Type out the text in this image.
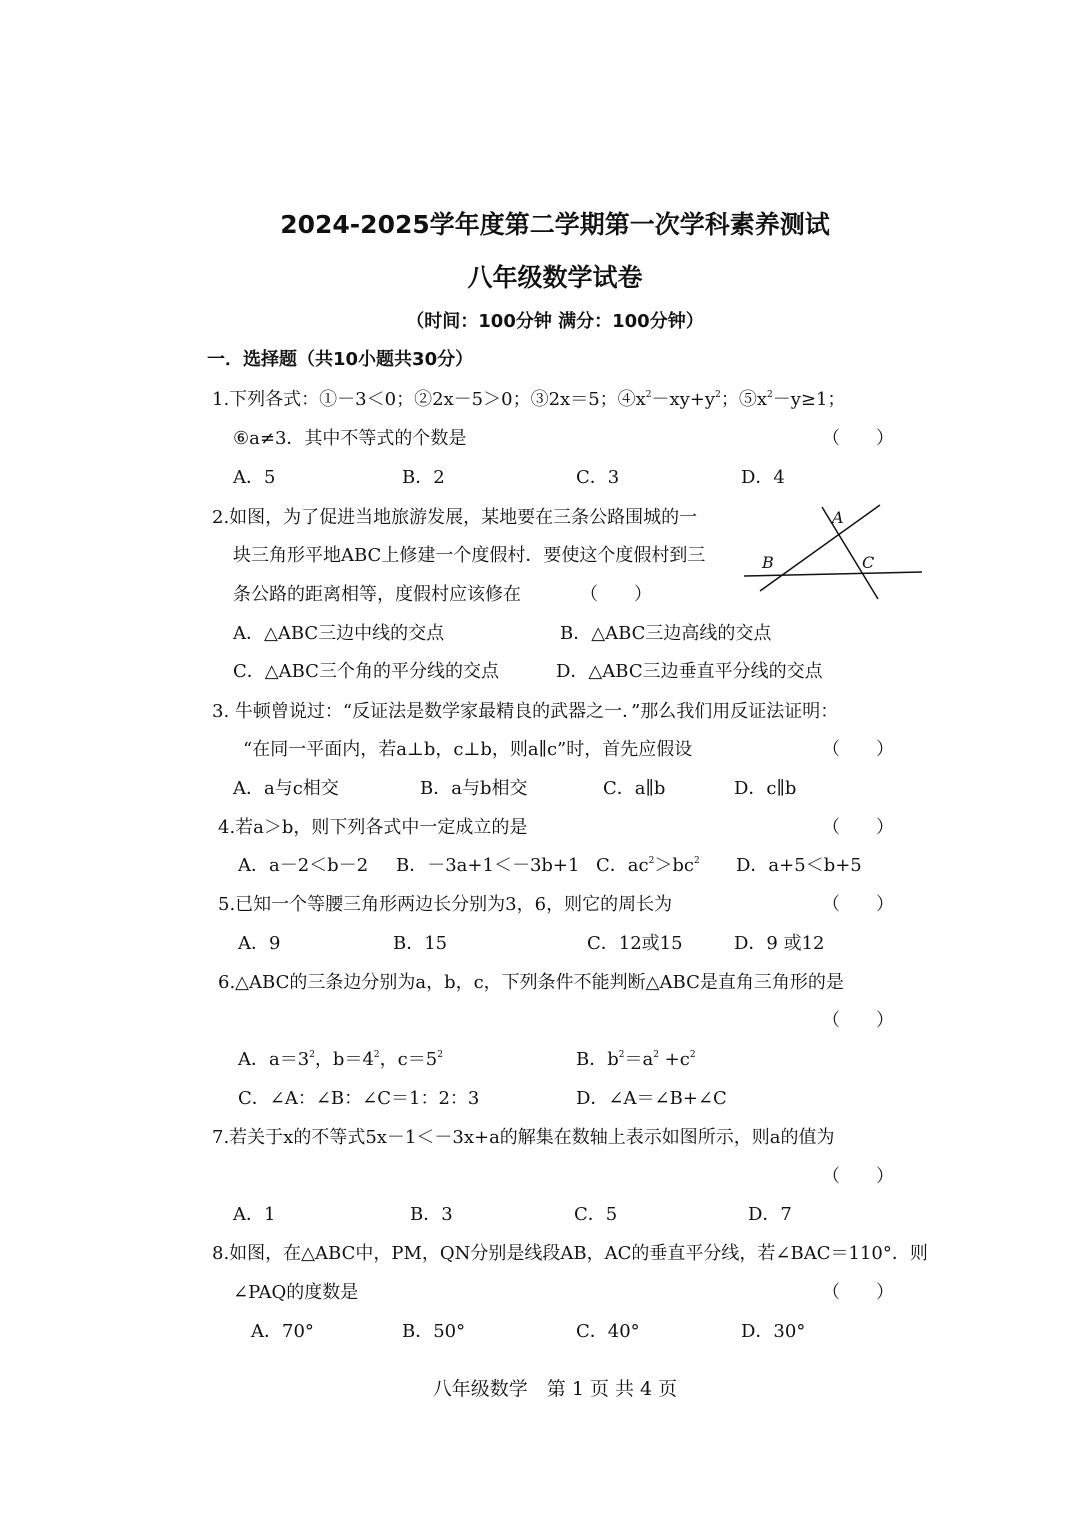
2024-2025学年度第二学期第一次学科素养测试
八年级数学试卷
（时间：100分钟 满分：100分钟）
一．选择题（共10小题共30分）
1.下列各式：①－3＜0；②2x－5＞0；③2x＝5；$④x^2-xy+y^2$；$⑤x^2-y\ge 1$；
⑥a≠3．其中不等式的个数是	（　　）
A．5	B．2	C．3	D．4
2.如图，为了促进当地旅游发展，某地要在三条公路围城的一
块三角形平地ABC上修建一个度假村．要使这个度假村到三
条公路的距离相等，度假村应该修在	（　　）
A
B	C
A．△ABC三边中线的交点	B．△ABC三边高线的交点
C．△ABC三个角的平分线的交点	D．△ABC三边垂直平分线的交点
3. 牛顿曾说过：“反证法是数学家最精良的武器之一．”那么我们用反证法证明：
“在同一平面内，若a⊥b，c⊥b，则a∥c”时，首先应假设	（　　）
A．a与c相交	B．a与b相交	C．a∥b	D．c∥b
4.若a＞b，则下列各式中一定成立的是	（　　）
A．a－2＜b－2 B．－3a+1＜－3b+1 C．$ac^2>bc^2$ D．a+5＜b+5
5.已知一个等腰三角形两边长分别为3，6，则它的周长为	（　　）
A．9	B．15	C．12或15	D．9 或12
6.△ABC的三条边分别为a，b，c，下列条件不能判断△ABC是直角三角形的是
（　　）
A．$a=3^2$，$b=4^2$，$c=5^2$	B．$b^2=a^2 +c^2$
C．∠A：∠B：∠C＝1：2：3	D．∠A＝∠B+∠C
7.若关于x的不等式5x－1＜－3x+a的解集在数轴上表示如图所示，则a的值为
（　　）
A．1	B．3	C．5	D．7
8.如图，在△ABC中，PM，QN分别是线段AB，AC的垂直平分线，若∠BAC＝110°．则
∠PAQ的度数是	（　　）
A．70°	B．50°	C．40°	D．30°
八年级数学　第 1 页 共 4 页
